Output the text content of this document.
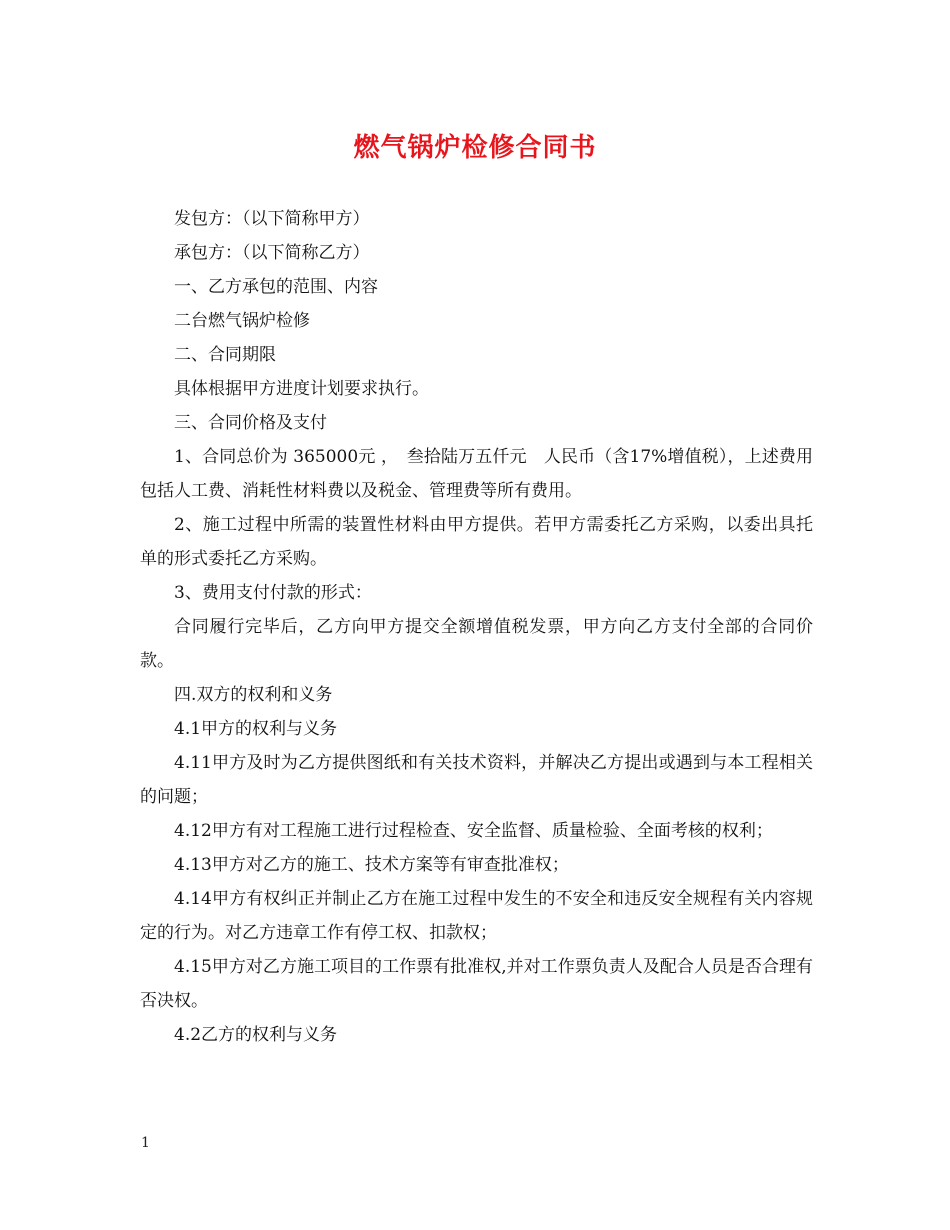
燃气锅炉检修合同书

发包方：（以下简称甲方）

承包方：（以下简称乙方）

一、乙方承包的范围、内容

二台燃气锅炉检修

二、合同期限

具体根据甲方进度计划要求执行。

三、合同价格及支付

1、合同总价为 365000元 ，　叁拾陆万五仟元　人民币（含17%增值税），上述费用包括人工费、消耗性材料费以及税金、管理费等所有费用。

2、施工过程中所需的装置性材料由甲方提供。若甲方需委托乙方采购，以委出具托单的形式委托乙方采购。

3、费用支付付款的形式：

合同履行完毕后，乙方向甲方提交全额增值税发票，甲方向乙方支付全部的合同价款。

四.双方的权利和义务

4.1甲方的权利与义务

4.11甲方及时为乙方提供图纸和有关技术资料，并解决乙方提出或遇到与本工程相关的问题；

4.12甲方有对工程施工进行过程检查、安全监督、质量检验、全面考核的权利；

4.13甲方对乙方的施工、技术方案等有审查批准权；

4.14甲方有权纠正并制止乙方在施工过程中发生的不安全和违反安全规程有关内容规定的行为。对乙方违章工作有停工权、扣款权；

4.15甲方对乙方施工项目的工作票有批准权,并对工作票负责人及配合人员是否合理有否决权。

4.2乙方的权利与义务

1
